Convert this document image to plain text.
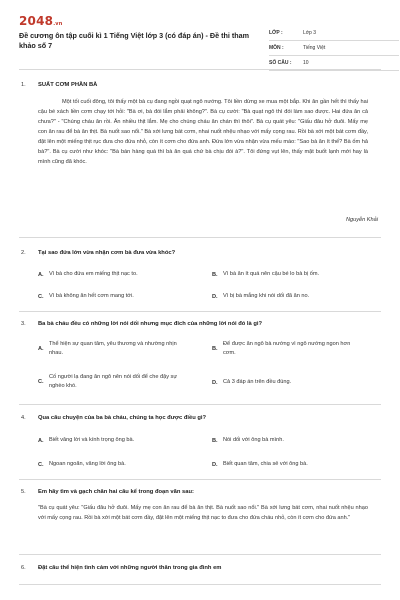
2048.vn
Đề cương ôn tập cuối kì 1 Tiếng Việt lớp 3 (có đáp án) - Đề thi tham khảo số 7
LỚP :	Lớp 3
MÔN :	Tiếng Việt
SỐ CÂU :	10
1. SUẤT CƠM PHẦN BÀ
Một tối cuối đông, tôi thấy một bà cụ đang ngồi quạt ngô nướng. Tôi liền dừng xe mua một bắp. Khi ăn gần hết thì thấy hai cậu bé xách liền cơm chạy tới hỏi: "Bà ơi, bà đói lắm phải không?". Bà cụ cười: "Bà quạt ngô thì đói làm sao được. Hai đứa ăn cả chưa?" - "Chúng cháu ăn rồi. Ăn nhiều thịt lắm. Mẹ cho chúng cháu ăn chán thì thôi". Bà cụ quát yêu: "Giấu đâu hở đuôi. Mấy mẹ con ăn rau để bà ăn thịt. Bà nuốt sao nổi." Bà xới lưng bát cơm, nhai nuốt nhệu nhạo với mấy cọng rau. Rồi bà xới một bát cơm đầy, đặt lên một miếng thịt rục đưa cho đứa nhỏ, còn ít cơm cho đứa anh. Đứa lớn vừa nhận vừa mếu máo: "Sao bà ăn ít thế? Bà ốm hả bà?". Bà cụ cười như khóc: "Bà bán hàng quá thì bà ăn quá chứ bà chịu đói à?". Tôi đứng vụt lên, thấy mặt buốt lạnh mới hay là mình cũng đã khóc.
Nguyễn Khải
2. Tại sao đứa lớn vừa nhận cơm bà đưa vừa khóc?
A. Vì bà cho đứa em miếng thịt nạc to.	B. Vì bà ăn ít quá nên cậu bé lo bà bị ốm.
C. Vì bà không ăn hết cơm mang tới.	D. Vì bị bà mắng khi nói dối đã ăn no.
3. Ba bà cháu đều có những lời nói dối nhưng mục đích của những lời nói đó là gì?
A.
Thể hiện sự quan tâm, yêu thương và nhường nhịn nhau.
B.
Để được ăn ngô bà nướng vì ngô nướng ngon hơn cơm.
C.
Cố người lạ đang ăn ngô nên nói dối để che đậy sự nghèo khó.
D. Cả 3 đáp án trên đều đúng.
4. Qua câu chuyện của ba bà cháu, chúng ta học được điều gì?
A. Biết vâng lời và kính trọng ông bà.	B. Nói dối với ông bà mình.
C. Ngoan ngoãn, vâng lời ông bà.	D. Biết quan tâm, chia sẻ với ông bà.
5. Em hãy tìm và gạch chân hai câu kể trong đoạn văn sau:
"Bà cụ quát yêu: "Giấu đâu hở đuôi. Mấy mẹ con ăn rau để bà ăn thịt. Bà nuốt sao nổi." Bà xới lưng bát cơm, nhai nuốt nhệu nhạo với mấy cọng rau. Rồi bà xới một bát cơm đầy, đặt lên một miếng thịt nạc to đưa cho đứa cháu nhỏ, còn ít cơm cho đứa anh."
6. Đặt câu thể hiện tình cảm với những người thân trong gia đình em
